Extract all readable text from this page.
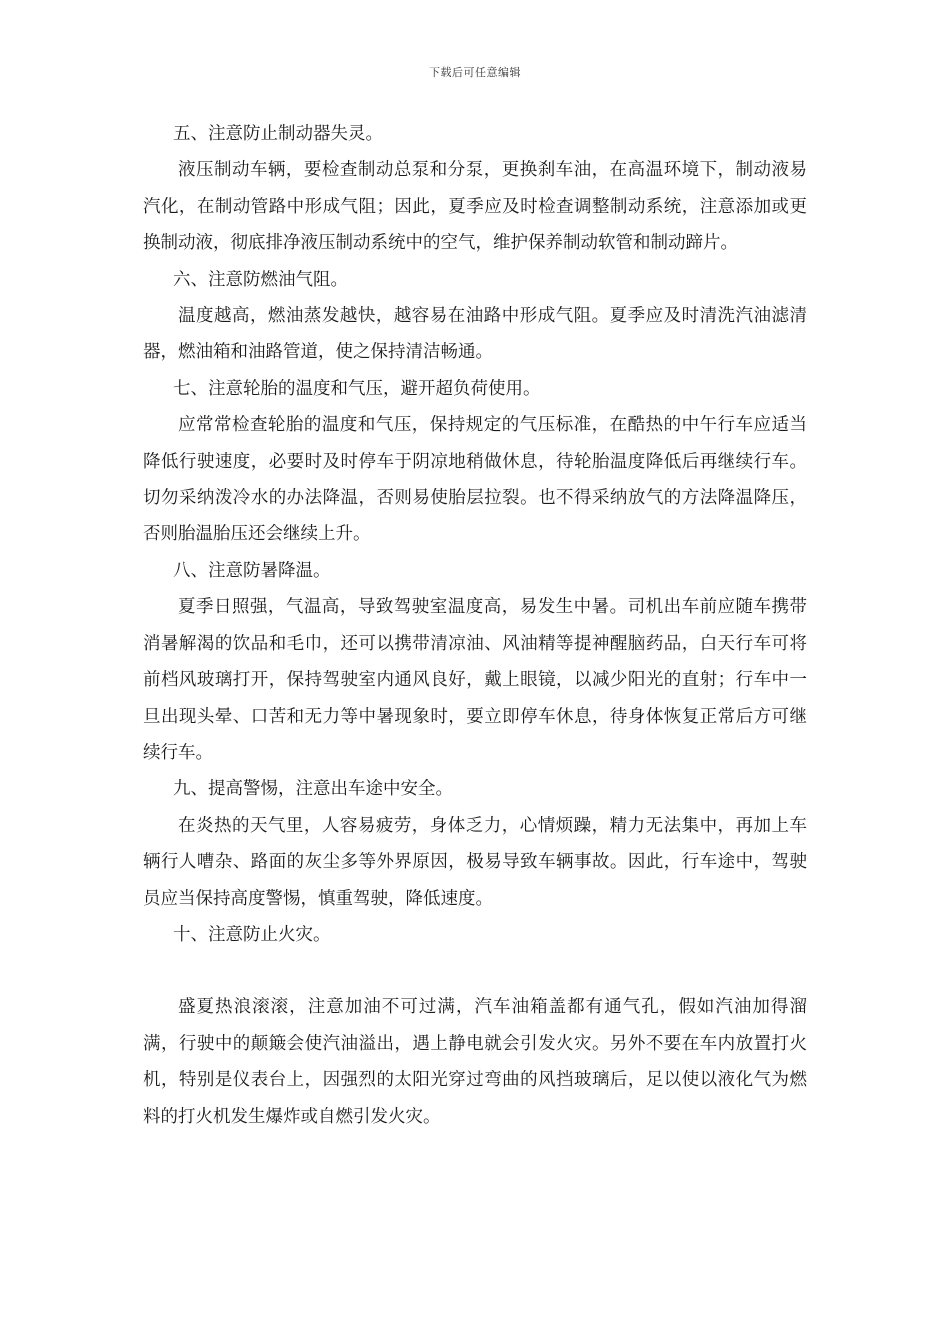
下载后可任意编辑

五、注意防止制动器失灵。

液压制动车辆，要检查制动总泵和分泵，更换刹车油，在高温环境下，制动液易汽化，在制动管路中形成气阻；因此，夏季应及时检查调整制动系统，注意添加或更换制动液，彻底排净液压制动系统中的空气，维护保养制动软管和制动蹄片。

六、注意防燃油气阻。

温度越高，燃油蒸发越快，越容易在油路中形成气阻。夏季应及时清洗汽油滤清器，燃油箱和油路管道，使之保持清洁畅通。

七、注意轮胎的温度和气压，避开超负荷使用。

应常常检查轮胎的温度和气压，保持规定的气压标准，在酷热的中午行车应适当降低行驶速度，必要时及时停车于阴凉地稍做休息，待轮胎温度降低后再继续行车。切勿采纳泼冷水的办法降温，否则易使胎层拉裂。也不得采纳放气的方法降温降压，否则胎温胎压还会继续上升。

八、注意防暑降温。

夏季日照强，气温高，导致驾驶室温度高，易发生中暑。司机出车前应随车携带消暑解渴的饮品和毛巾，还可以携带清凉油、风油精等提神醒脑药品，白天行车可将前档风玻璃打开，保持驾驶室内通风良好，戴上眼镜，以减少阳光的直射；行车中一旦出现头晕、口苦和无力等中暑现象时，要立即停车休息，待身体恢复正常后方可继续行车。

九、提高警惕，注意出车途中安全。

在炎热的天气里，人容易疲劳，身体乏力，心情烦躁，精力无法集中，再加上车辆行人嘈杂、路面的灰尘多等外界原因，极易导致车辆事故。因此，行车途中，驾驶员应当保持高度警惕，慎重驾驶，降低速度。

十、注意防止火灾。

盛夏热浪滚滚，注意加油不可过满，汽车油箱盖都有通气孔，假如汽油加得溜满，行驶中的颠簸会使汽油溢出，遇上静电就会引发火灾。另外不要在车内放置打火机，特别是仪表台上，因强烈的太阳光穿过弯曲的风挡玻璃后，足以使以液化气为燃料的打火机发生爆炸或自燃引发火灾。
